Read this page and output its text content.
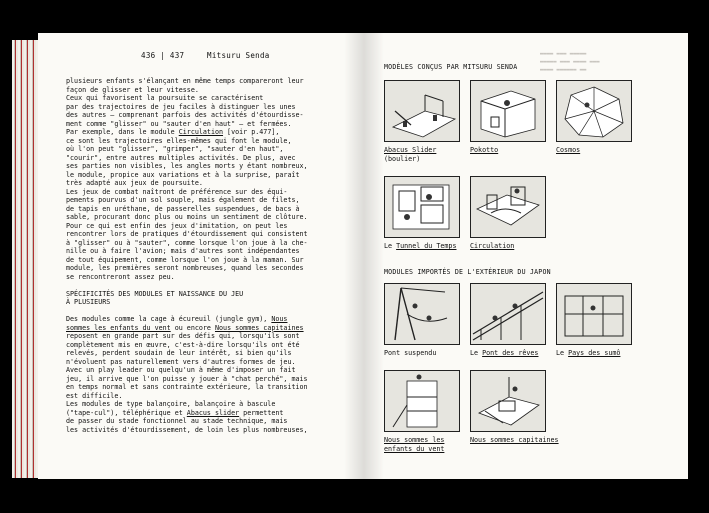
▬▬▬▬ ▬▬▬ ▬▬▬▬▬
▬▬▬▬▬ ▬▬▬ ▬▬▬▬ ▬▬▬
▬▬▬▬ ▬▬▬▬▬▬ ▬▬
436 | 437	Mitsuru Senda

plusieurs enfants s'élançant en même temps compareront leur

façon de glisser et leur vitesse.

Ceux qui favorisent la poursuite se caractérisent

par des trajectoires de jeu faciles à distinguer les unes

des autres — comprenant parfois des activités d'étourdisse-

ment comme "glisser" ou "sauter d'en haut" — et fermées.

Par exemple, dans le module Circulation [voir p.477],

ce sont les trajectoires elles-mêmes qui font le module,

où l'on peut "glisser", "grimper", "sauter d'en haut",

"courir", entre autres multiples activités. De plus, avec

ses parties non visibles, les angles morts y étant nombreux,

le module, propice aux variations et à la surprise, paraît

très adapté aux jeux de poursuite.

Les jeux de combat naîtront de préférence sur des équi-

pements pourvus d'un sol souple, mais également de filets,

de tapis en uréthane, de passerelles suspendues, de bacs à

sable, procurant donc plus ou moins un sentiment de clôture.

Pour ce qui est enfin des jeux d'imitation, on peut les

rencontrer lors de pratiques d'étourdissement qui consistent

à "glisser" ou à "sauter", comme lorsque l'on joue à la che-

nille ou à faire l'avion; mais d'autres sont indépendantes

de tout équipement, comme lorsque l'on joue à la maman. Sur

module, les premières seront nombreuses, quand les secondes

se rencontreront assez peu.

SPÉCIFICITÉS DES MODULES ET NAISSANCE DU JEU

À PLUSIEURS

Des modules comme la cage à écureuil (jungle gym), Nous

sommes les enfants du vent ou encore Nous sommes capitaines

reposent en grande part sur des défis qui, lorsqu'ils sont

complètement mis en œuvre, c'est-à-dire lorsqu'ils ont été

relevés, perdent soudain de leur intérêt, si bien qu'ils

n'évoluent pas naturellement vers d'autres formes de jeu.

Avec un play leader ou quelqu'un à même d'imposer un fait

jeu, il arrive que l'on puisse y jouer à "chat perché", mais

en temps normal et sans contrainte extérieure, la transition

est difficile.

Les modules de type balançoire, balançoire à bascule

("tape-cul"), téléphérique et Abacus slider permettent

de passer du stade fonctionnel au stade technique, mais

les activités d'étourdissement, de loin les plus nombreuses,

MODÈLES CONÇUS PAR MITSURU SENDA
MODULES IMPORTÉS DE L'EXTÉRIEUR DU JAPON
Abacus Slider
(boulier)
Pokotto	Cosmos
Le Tunnel du Temps	Circulation
Pont suspendu	Le Pont des rêves	Le Pays des sumô
Nous sommes les
enfants du vent
Nous sommes capitaines
